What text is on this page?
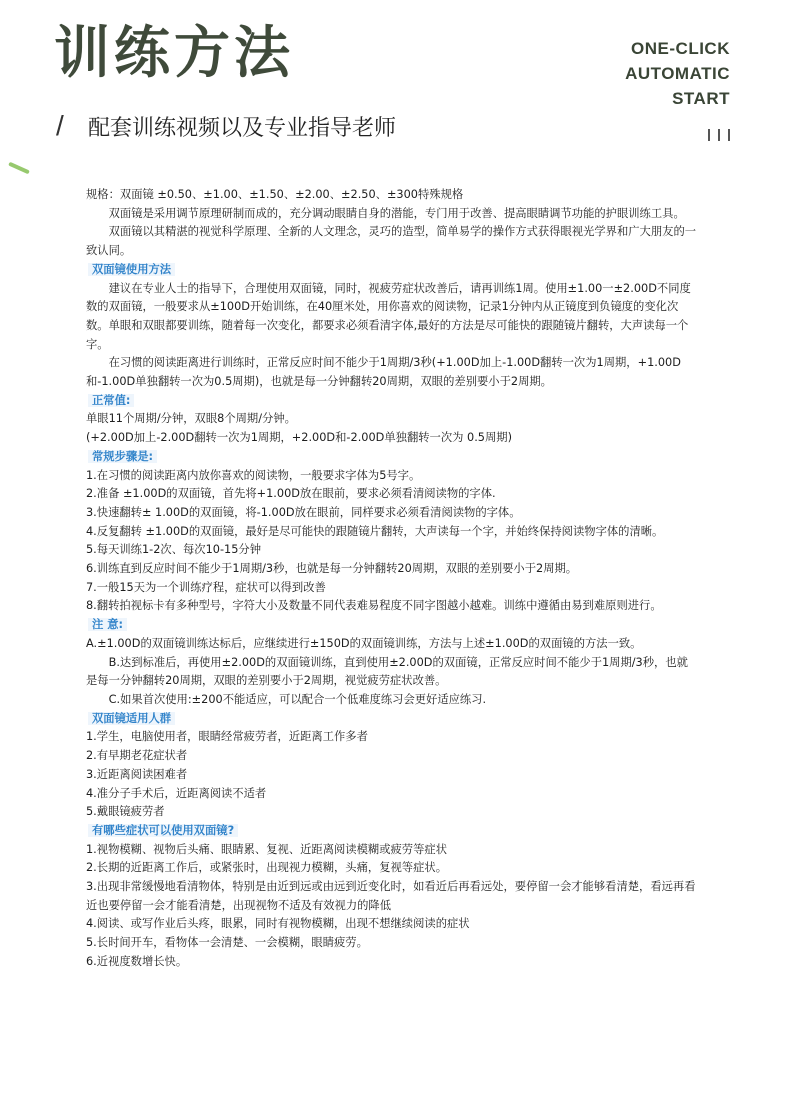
训练方法	ONE-CLICK
AUTOMATIC
START
/ 配套训练视频以及专业指导老师

规格：双面镜 ±0.50、±1.00、±1.50、±2.00、±2.50、±300特殊规格

双面镜是采用调节原理研制而成的，充分调动眼睛自身的潜能，专门用于改善、提高眼睛调节功能的护眼训练工具。

双面镜以其精湛的视觉科学原理、全新的人文理念，灵巧的造型，简单易学的操作方式获得眼视光学界和广大朋友的一致认同。

双面镜使用方法

建议在专业人士的指导下，合理使用双面镜，同时，视疲劳症状改善后，请再训练1周。使用±1.00一±2.00D不同度数的双面镜，一般要求从±100D开始训练，在40厘米处，用你喜欢的阅读物，记录1分钟内从正镜度到负镜度的变化次数。单眼和双眼都要训练，随着每一次变化，都要求必须看清字体,最好的方法是尽可能快的跟随镜片翻转，大声读每一个字。

在习惯的阅读距离进行训练时，正常反应时间不能少于1周期/3秒(+1.00D加上-1.00D翻转一次为1周期，+1.00D和-1.00D单独翻转一次为0.5周期)，也就是每一分钟翻转20周期，双眼的差别要小于2周期。

正常值:

单眼11个周期/分钟，双眼8个周期/分钟。

(+2.00D加上-2.00D翻转一次为1周期，+2.00D和-2.00D单独翻转一次为 0.5周期)

常规步骤是:

1.在习惯的阅读距离内放你喜欢的阅读物，一般要求字体为5号字。

2.准备 ±1.00D的双面镜，首先将+1.00D放在眼前，要求必须看清阅读物的字体.

3.快速翻转± 1.00D的双面镜，将-1.00D放在眼前，同样要求必须看清阅读物的字体。

4.反复翻转 ±1.00D的双面镜，最好是尽可能快的跟随镜片翻转，大声读每一个字，并始终保持阅读物字体的清晰。

5.每天训练1-2次、每次10-15分钟

6.训练直到反应时间不能少于1周期/3秒，也就是每一分钟翻转20周期，双眼的差别要小于2周期。

7.一般15天为一个训练疗程，症状可以得到改善

8.翻转拍视标卡有多种型号，字符大小及数量不同代表难易程度不同字图越小越难。训练中遵循由易到难原则进行。

注 意:

A.±1.00D的双面镜训练达标后，应继续进行±150D的双面镜训练，方法与上述±1.00D的双面镜的方法一致。

B.达到标准后，再使用±2.00D的双面镜训练，直到使用±2.00D的双面镜，正常反应时间不能少于1周期/3秒，也就是每一分钟翻转20周期，双眼的差别要小于2周期，视觉疲劳症状改善。

C.如果首次使用:±200不能适应，可以配合一个低难度练习会更好适应练习.

双面镜适用人群

1.学生，电脑使用者，眼睛经常疲劳者，近距离工作多者

2.有早期老花症状者

3.近距离阅读困难者

4.准分子手术后，近距离阅读不适者

5.戴眼镜疲劳者

有哪些症状可以使用双面镜?

1.视物模糊、视物后头痛、眼睛累、复视、近距离阅读模糊或疲劳等症状

2.长期的近距离工作后，或紧张时，出现视力模糊，头痛，复视等症状。

3.出现非常缓慢地看清物体，特别是由近到远或由远到近变化时，如看近后再看远处，要停留一会才能够看清楚，看远再看近也要停留一会才能看清楚，出现视物不适及有效视力的降低

4.阅读、或写作业后头疼，眼累，同时有视物模糊，出现不想继续阅读的症状

5.长时间开车，看物体一会清楚、一会模糊，眼睛疲劳。

6.近视度数增长快。
